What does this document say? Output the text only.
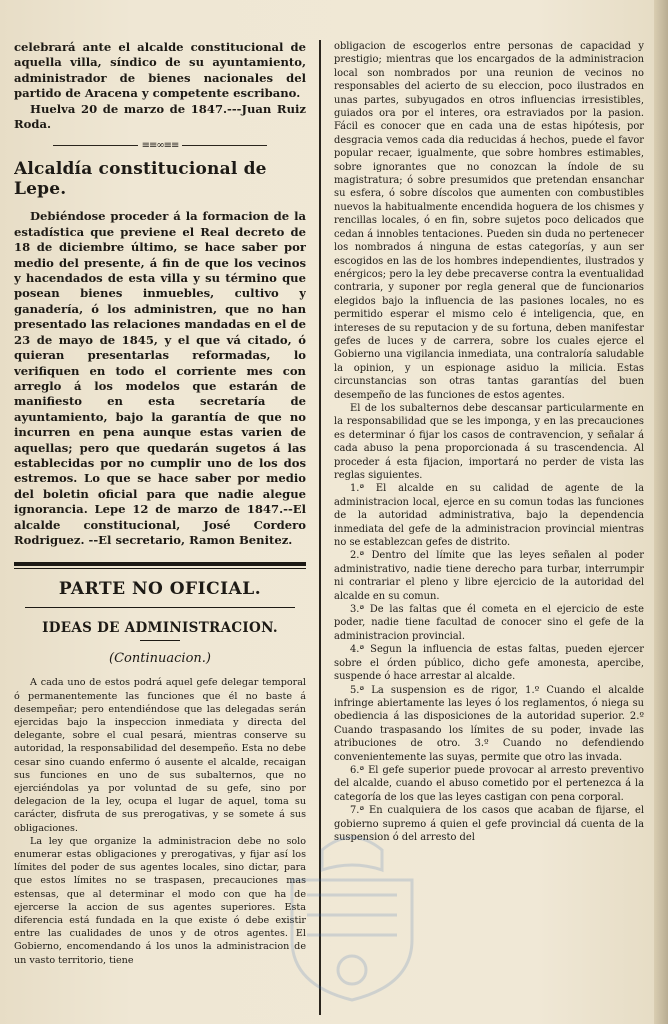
celebrará ante el alcalde constitucional de aquella villa, síndico de su ayuntamiento, administrador de bienes nacionales del partido de Aracena y competente escribano.

Huelva 20 de marzo de 1847.---Juan Ruiz Roda.

≡≡∞≡≡
Alcaldía constitucional de Lepe.

Debiéndose proceder á la formacion de la estadística que previene el Real decreto de 18 de diciembre último, se hace saber por medio del presente, á fin de que los vecinos y hacendados de esta villa y su término que posean bienes inmuebles, cultivo y ganadería, ó los administren, que no han presentado las relaciones mandadas en el de 23 de mayo de 1845, y el que vá citado, ó quieran presentarlas reformadas, lo verifiquen en todo el corriente mes con arreglo á los modelos que estarán de manifiesto en esta secretaría de ayuntamiento, bajo la garantía de que no incurren en pena aunque estas varien de aquellas; pero que quedarán sugetos á las establecidas por no cumplir uno de los dos estremos. Lo que se hace saber por medio del boletin oficial para que nadie alegue ignorancia. Lepe 12 de marzo de 1847.--El alcalde constitucional, José Cordero Rodriguez. --El secretario, Ramon Benitez.

PARTE NO OFICIAL.
IDEAS DE ADMINISTRACION.
(Continuacion.)

A cada uno de estos podrá aquel gefe delegar temporal ó permanentemente las funciones que él no baste á desempeñar; pero entendiéndose que las delegadas serán ejercidas bajo la inspeccion inmediata y directa del delegante, sobre el cual pesará, mientras conserve su autoridad, la responsabilidad del desempeño. Esta no debe cesar sino cuando enfermo ó ausente el alcalde, recaigan sus funciones en uno de sus subalternos, que no ejerciéndolas ya por voluntad de su gefe, sino por delegacion de la ley, ocupa el lugar de aquel, toma su carácter, disfruta de sus prerogativas, y se somete á sus obligaciones.

La ley que organize la administracion debe no solo enumerar estas obligaciones y prerogativas, y fijar así los límites del poder de sus agentes locales, sino dictar, para que estos límites no se traspasen, precauciones mas estensas, que al determinar el modo con que ha de ejercerse la accion de sus agentes superiores. Esta diferencia está fundada en la que existe ó debe existir entre las cualidades de unos y de otros agentes. El Gobierno, encomendando á los unos la administracion de un vasto territorio, tiene

obligacion de escogerlos entre personas de capacidad y prestigio; mientras que los encargados de la administracion local son nombrados por una reunion de vecinos no responsables del acierto de su eleccion, poco ilustrados en unas partes, subyugados en otros influencias irresistibles, guiados ora por el interes, ora estraviados por la pasion. Fácil es conocer que en cada una de estas hipótesis, por desgracia vemos cada dia reducidas á hechos, puede el favor popular recaer, igualmente, que sobre hombres estimables, sobre ignorantes que no conozcan la índole de su magistratura; ó sobre presumidos que pretendan ensanchar su esfera, ó sobre díscolos que aumenten con combustibles nuevos la habitualmente encendida hoguera de los chismes y rencillas locales, ó en fin, sobre sujetos poco delicados que cedan á innobles tentaciones. Pueden sin duda no pertenecer los nombrados á ninguna de estas categorías, y aun ser escogidos en las de los hombres independientes, ilustrados y enérgicos; pero la ley debe precaverse contra la eventualidad contraria, y suponer por regla general que de funcionarios elegidos bajo la influencia de las pasiones locales, no es permitido esperar el mismo celo é inteligencia, que, en intereses de su reputacion y de su fortuna, deben manifestar gefes de luces y de carrera, sobre los cuales ejerce el Gobierno una vigilancia inmediata, una contraloría saludable la opinion, y un espionage asiduo la milicia. Estas circunstancias son otras tantas garantías del buen desempeño de las funciones de estos agentes.

El de los subalternos debe descansar particularmente en la responsabilidad que se les imponga, y en las precauciones es determinar ó fijar los casos de contravencion, y señalar á cada abuso la pena proporcionada á su trascendencia. Al proceder á esta fijacion, importará no perder de vista las reglas siguientes.

1.ª El alcalde en su calidad de agente de la administracion local, ejerce en su comun todas las funciones de la autoridad administrativa, bajo la dependencia inmediata del gefe de la administracion provincial mientras no se establezcan gefes de distrito.

2.ª Dentro del límite que las leyes señalen al poder administrativo, nadie tiene derecho para turbar, interrumpir ni contrariar el pleno y libre ejercicio de la autoridad del alcalde en su comun.

3.ª De las faltas que él cometa en el ejercicio de este poder, nadie tiene facultad de conocer sino el gefe de la administracion provincial.

4.ª Segun la influencia de estas faltas, pueden ejercer sobre el órden público, dicho gefe amonesta, apercibe, suspende ó hace arrestar al alcalde.

5.ª La suspension es de rigor, 1.º Cuando el alcalde infringe abiertamente las leyes ó los reglamentos, ó niega su obediencia á las disposiciones de la autoridad superior. 2.º Cuando traspasando los límites de su poder, invade las atribuciones de otro. 3.º Cuando no defendiendo convenientemente las suyas, permite que otro las invada.

6.ª El gefe superior puede provocar al arresto preventivo del alcalde, cuando el abuso cometido por el pertenezca á la categoría de los que las leyes castigan con pena corporal.

7.ª En cualquiera de los casos que acaban de fijarse, el gobierno supremo á quien el gefe provincial dá cuenta de la suspension ó del arresto del
